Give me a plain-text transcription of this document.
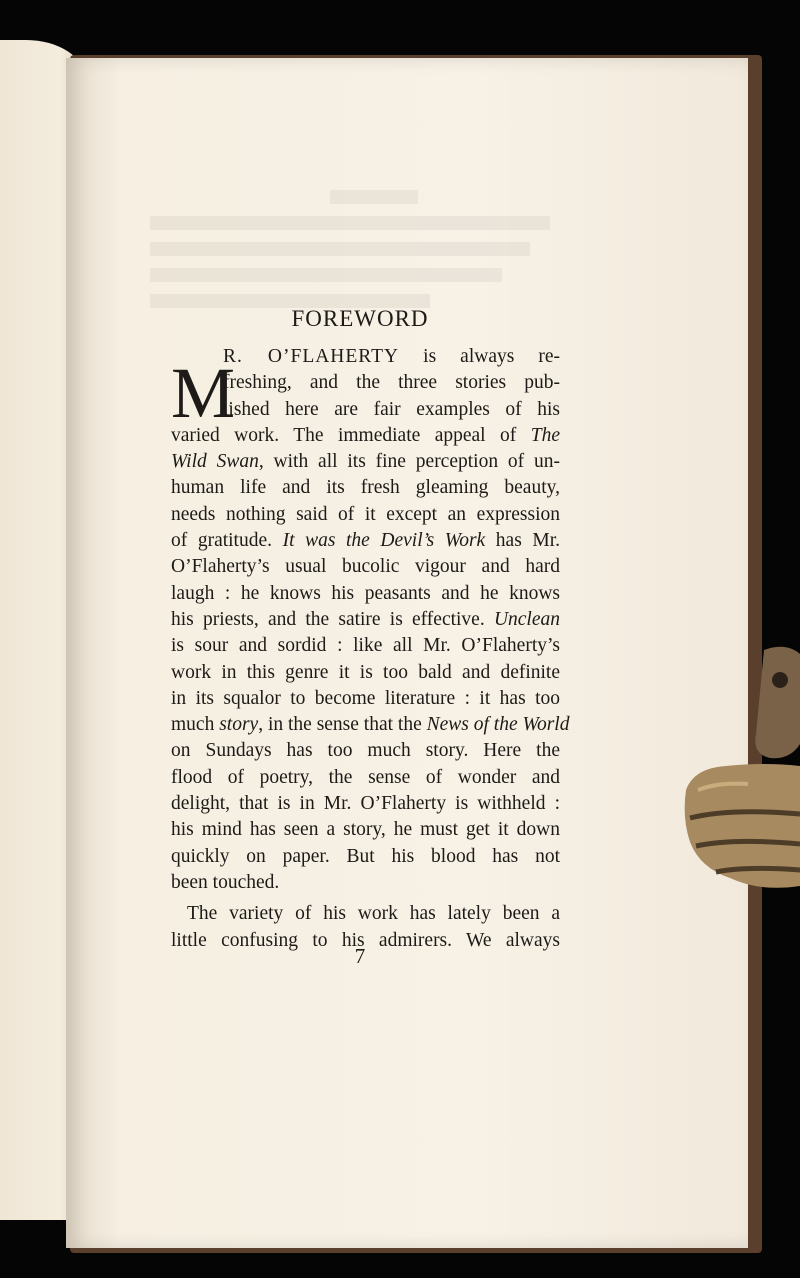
FOREWORD
M
R. O’FLAHERTY is always re-
freshing, and the three stories pub-
lished here are fair examples of his
varied work. The immediate appeal of The
Wild Swan, with all its fine perception of un-
human life and its fresh gleaming beauty,
needs nothing said of it except an expression
of gratitude. It was the Devil’s Work has Mr.
O’Flaherty’s usual bucolic vigour and hard
laugh : he knows his peasants and he knows
his priests, and the satire is effective. Unclean
is sour and sordid : like all Mr. O’Flaherty’s
work in this genre it is too bald and definite
in its squalor to become literature : it has too
much story, in the sense that the News of the World
on Sundays has too much story. Here the
flood of poetry, the sense of wonder and
delight, that is in Mr. O’Flaherty is withheld :
his mind has seen a story, he must get it down
quickly on paper. But his blood has not
been touched.
The variety of his work has lately been a
little confusing to his admirers. We always
7
